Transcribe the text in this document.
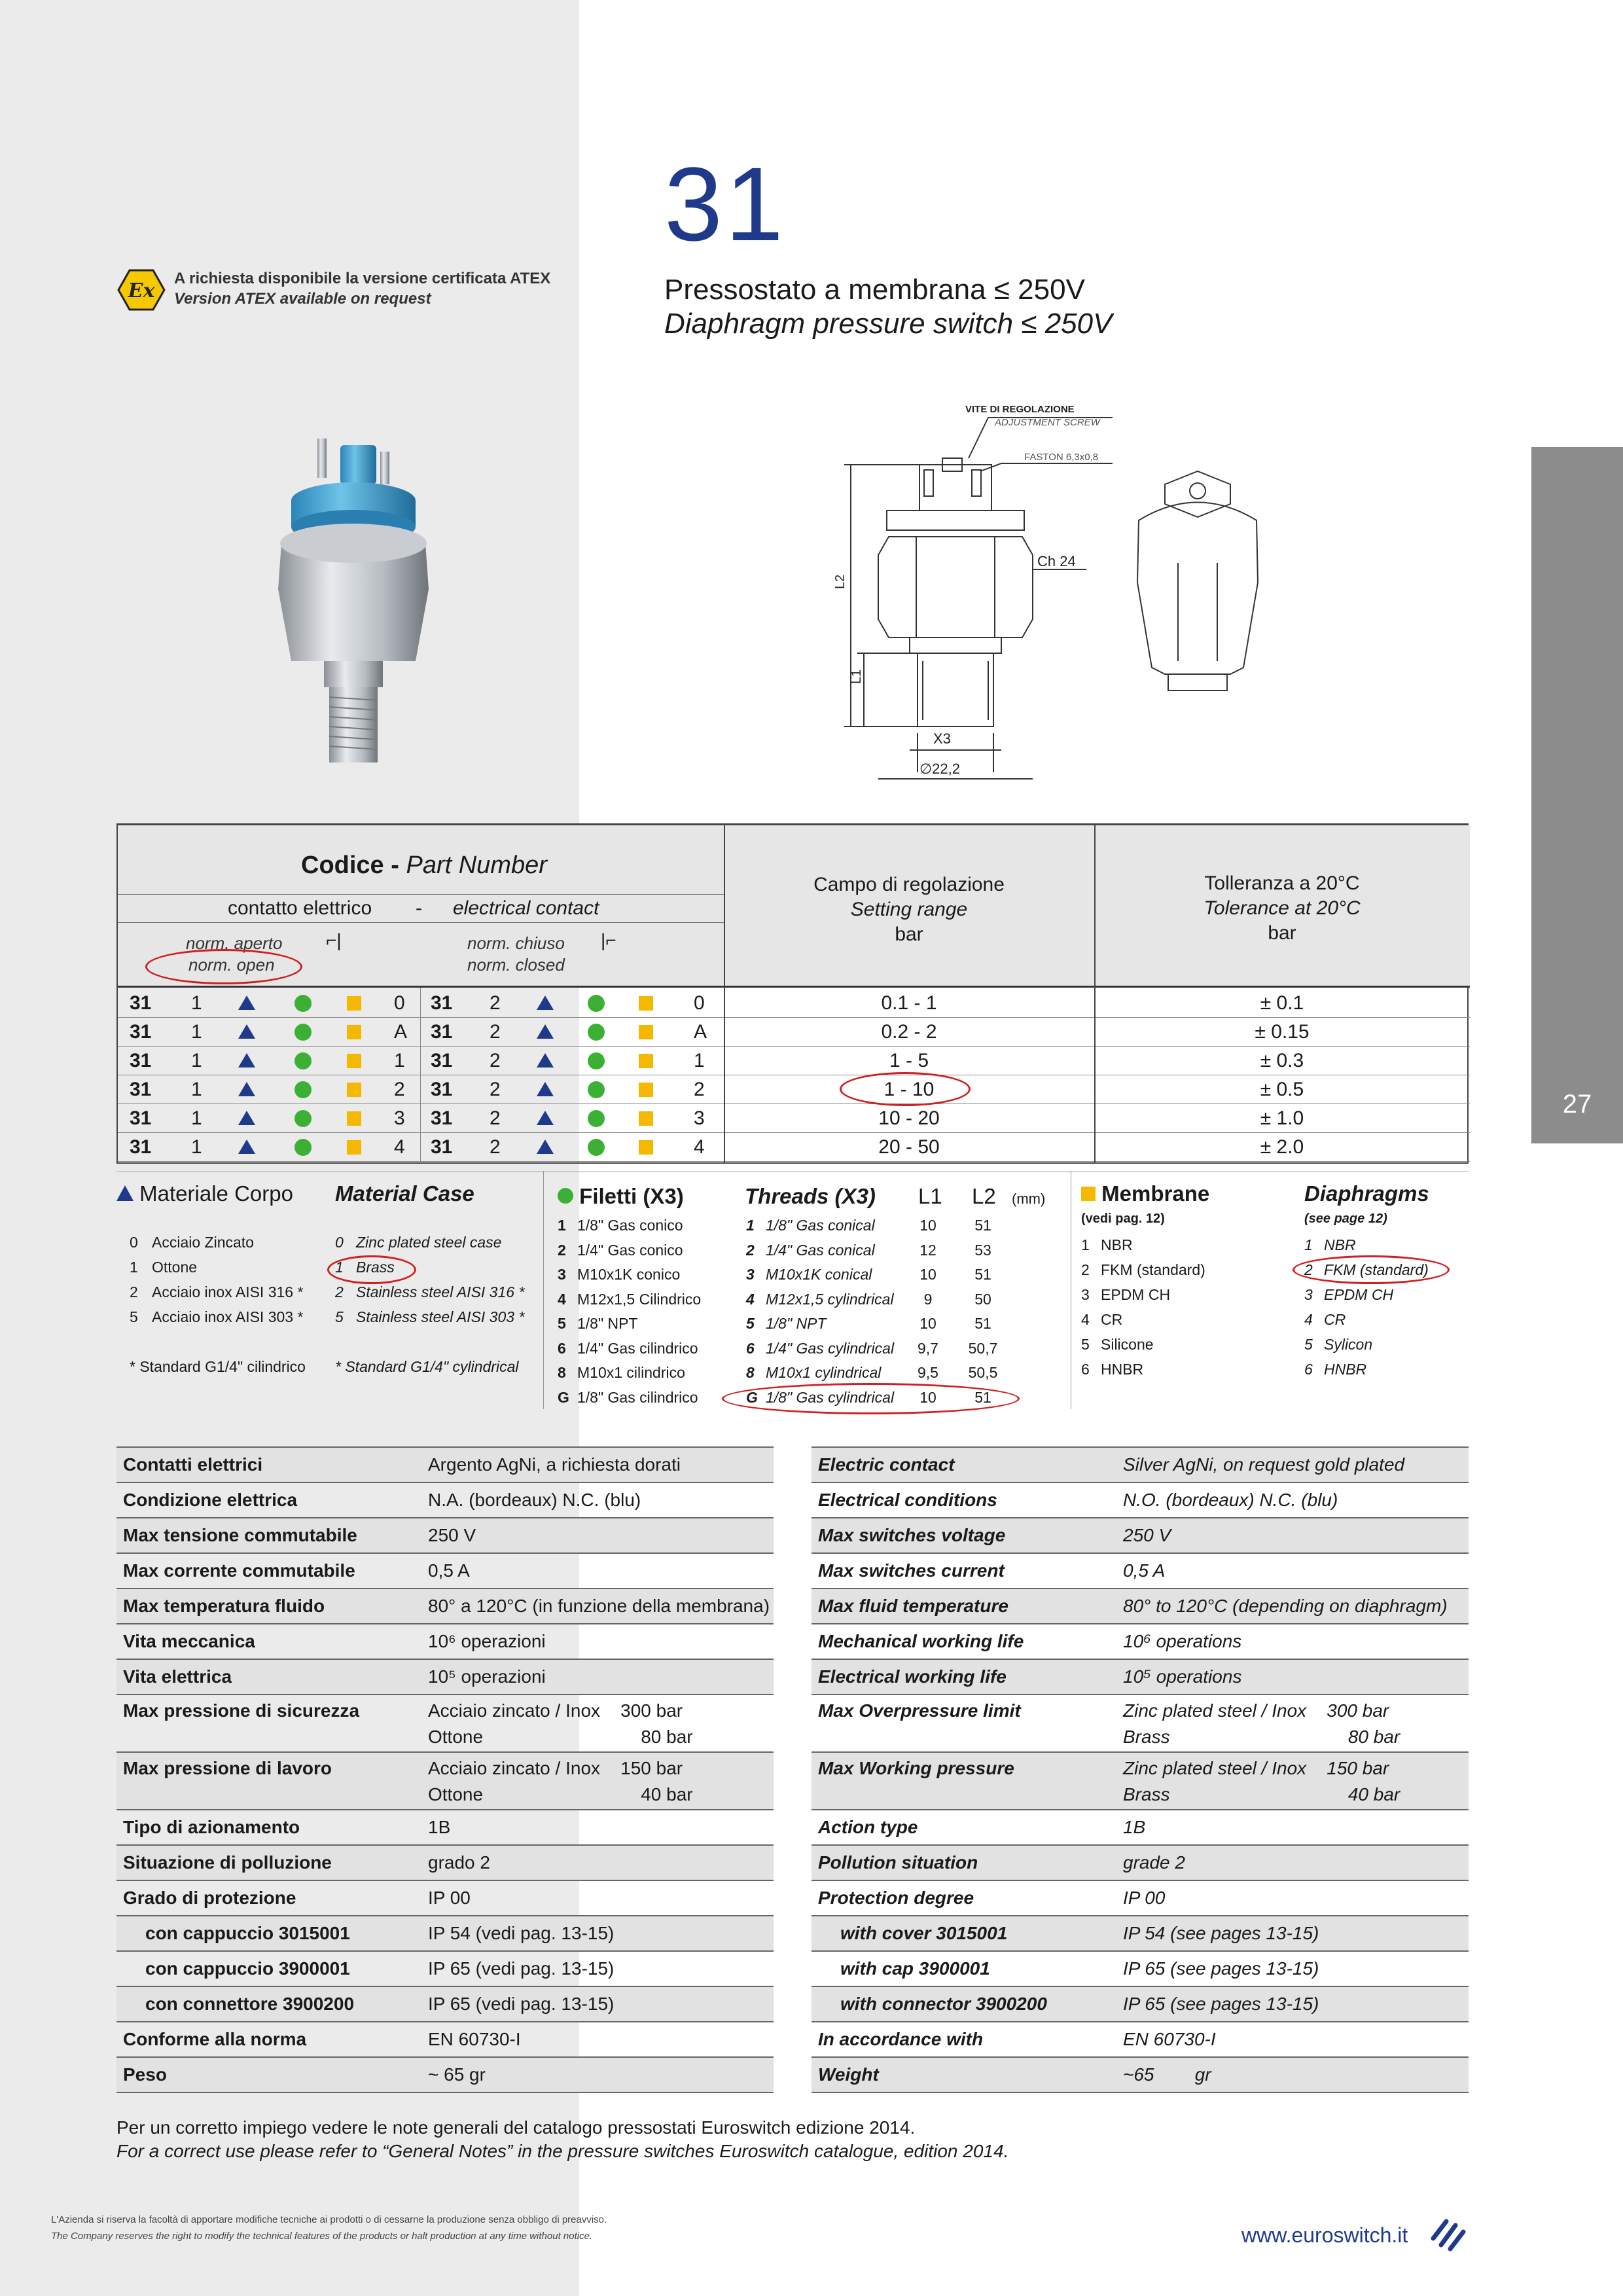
27
31
Pressostato a membrana ≤ 250V
Diaphragm pressure switch ≤ 250V
Ex
A richiesta disponibile la versione certificata ATEX
Version ATEX available on request
VITE DI REGOLAZIONE
ADJUSTMENT SCREW
FASTON 6,3x0,8
Ch 24
L2
L1
X3
∅22,2
Codice - Part Number
contatto elettrico - electrical contact
norm. aperto
norm. open
⌐|	norm. chiuso
norm. closed
|⌐
Campo di regolazione
Setting range
bar
Tolleranza a 20°C
Tolerance at 20°C
bar
31 1	0 31 2	0	0.1 - 1	± 0.1
31 1	A 31 2	A	0.2 - 2	± 0.15
31 1	1 31 2	1	1 - 5	± 0.3
31 1	2 31 2	2	1 - 10	± 0.5
31 1	3 31 2	3	10 - 20	± 1.0
31 1	4 31 2	4	20 - 50	± 2.0
Materiale Corpo Material Case
0 Acciaio Zincato	0 Zinc plated steel case
1 Ottone	1 Brass
2 Acciaio inox AISI 316 * 2 Stainless steel AISI 316 *
5 Acciaio inox AISI 303 * 5 Stainless steel AISI 303 *
* Standard G1/4" cilindrico * Standard G1/4" cylindrical
Filetti (X3)	Threads (X3) L1 L2 (mm)
1 1/8" Gas conico	1 1/8" Gas conical	10	51
2 1/4" Gas conico	2 1/4" Gas conical	12	53
3 M10x1K conico	3 M10x1K conical	10	51
4 M12x1,5 Cilindrico	4 M12x1,5 cylindrical	9	50
5 1/8" NPT	5 1/8" NPT	10	51
6 1/4" Gas cilindrico	6 1/4" Gas cylindrical	9,7	50,7
8 M10x1 cilindrico	8 M10x1 cylindrical	9,5	50,5
G 1/8" Gas cilindrico	G 1/8" Gas cylindrical	10	51
Membrane	Diaphragms
(vedi pag. 12)	(see page 12)
1 NBR	1 NBR
2 FKM (standard)	2 FKM (standard)
3 EPDM CH	3 EPDM CH
4 CR	4 CR
5 Silicone	5 Sylicon
6 HNBR	6 HNBR
Contatti elettrici	Argento AgNi, a richiesta dorati
Condizione elettrica	N.A. (bordeaux) N.C. (blu)
Max tensione commutabile	250 V
Max corrente commutabile	0,5 A
Max temperatura fluido	80° a 120°C (in funzione della membrana)
Vita meccanica	10⁶ operazioni
Vita elettrica	10⁵ operazioni
Max pressione di sicurezza	Acciaio zincato / Inox    300 bar
Ottone                               80 bar
Max pressione di lavoro	Acciaio zincato / Inox    150 bar
Ottone                               40 bar
Tipo di azionamento	1B
Situazione di polluzione	grado 2
Grado di protezione	IP 00
con cappuccio 3015001	IP 54 (vedi pag. 13-15)
con cappuccio 3900001	IP 65 (vedi pag. 13-15)
con connettore 3900200	IP 65 (vedi pag. 13-15)
Conforme alla norma	EN 60730-I
Peso	~ 65 gr
Electric contact	Silver AgNi, on request gold plated
Electrical conditions	N.O. (bordeaux) N.C. (blu)
Max switches voltage	250 V
Max switches current	0,5 A
Max fluid temperature	80° to 120°C (depending on diaphragm)
Mechanical working life	10⁶ operations
Electrical working life	10⁵ operations
Max Overpressure limit	Zinc plated steel / Inox    300 bar
Brass                                   80 bar
Max Working pressure	Zinc plated steel / Inox    150 bar
Brass                                   40 bar
Action type	1B
Pollution situation	grade 2
Protection degree	IP 00
with cover 3015001	IP 54 (see pages 13-15)
with cap 3900001	IP 65 (see pages 13-15)
with connector 3900200	IP 65 (see pages 13-15)
In accordance with	EN 60730-I
Weight	~65        gr
Per un corretto impiego vedere le note generali del catalogo pressostati Euroswitch edizione 2014.
For a correct use please refer to “General Notes” in the pressure switches Euroswitch catalogue, edition 2014.
L'Azienda si riserva la facoltà di apportare modifiche tecniche ai prodotti o di cessarne la produzione senza obbligo di preavviso.
The Company reserves the right to modify the technical features of the products or halt production at any time without notice.	www.euroswitch.it
